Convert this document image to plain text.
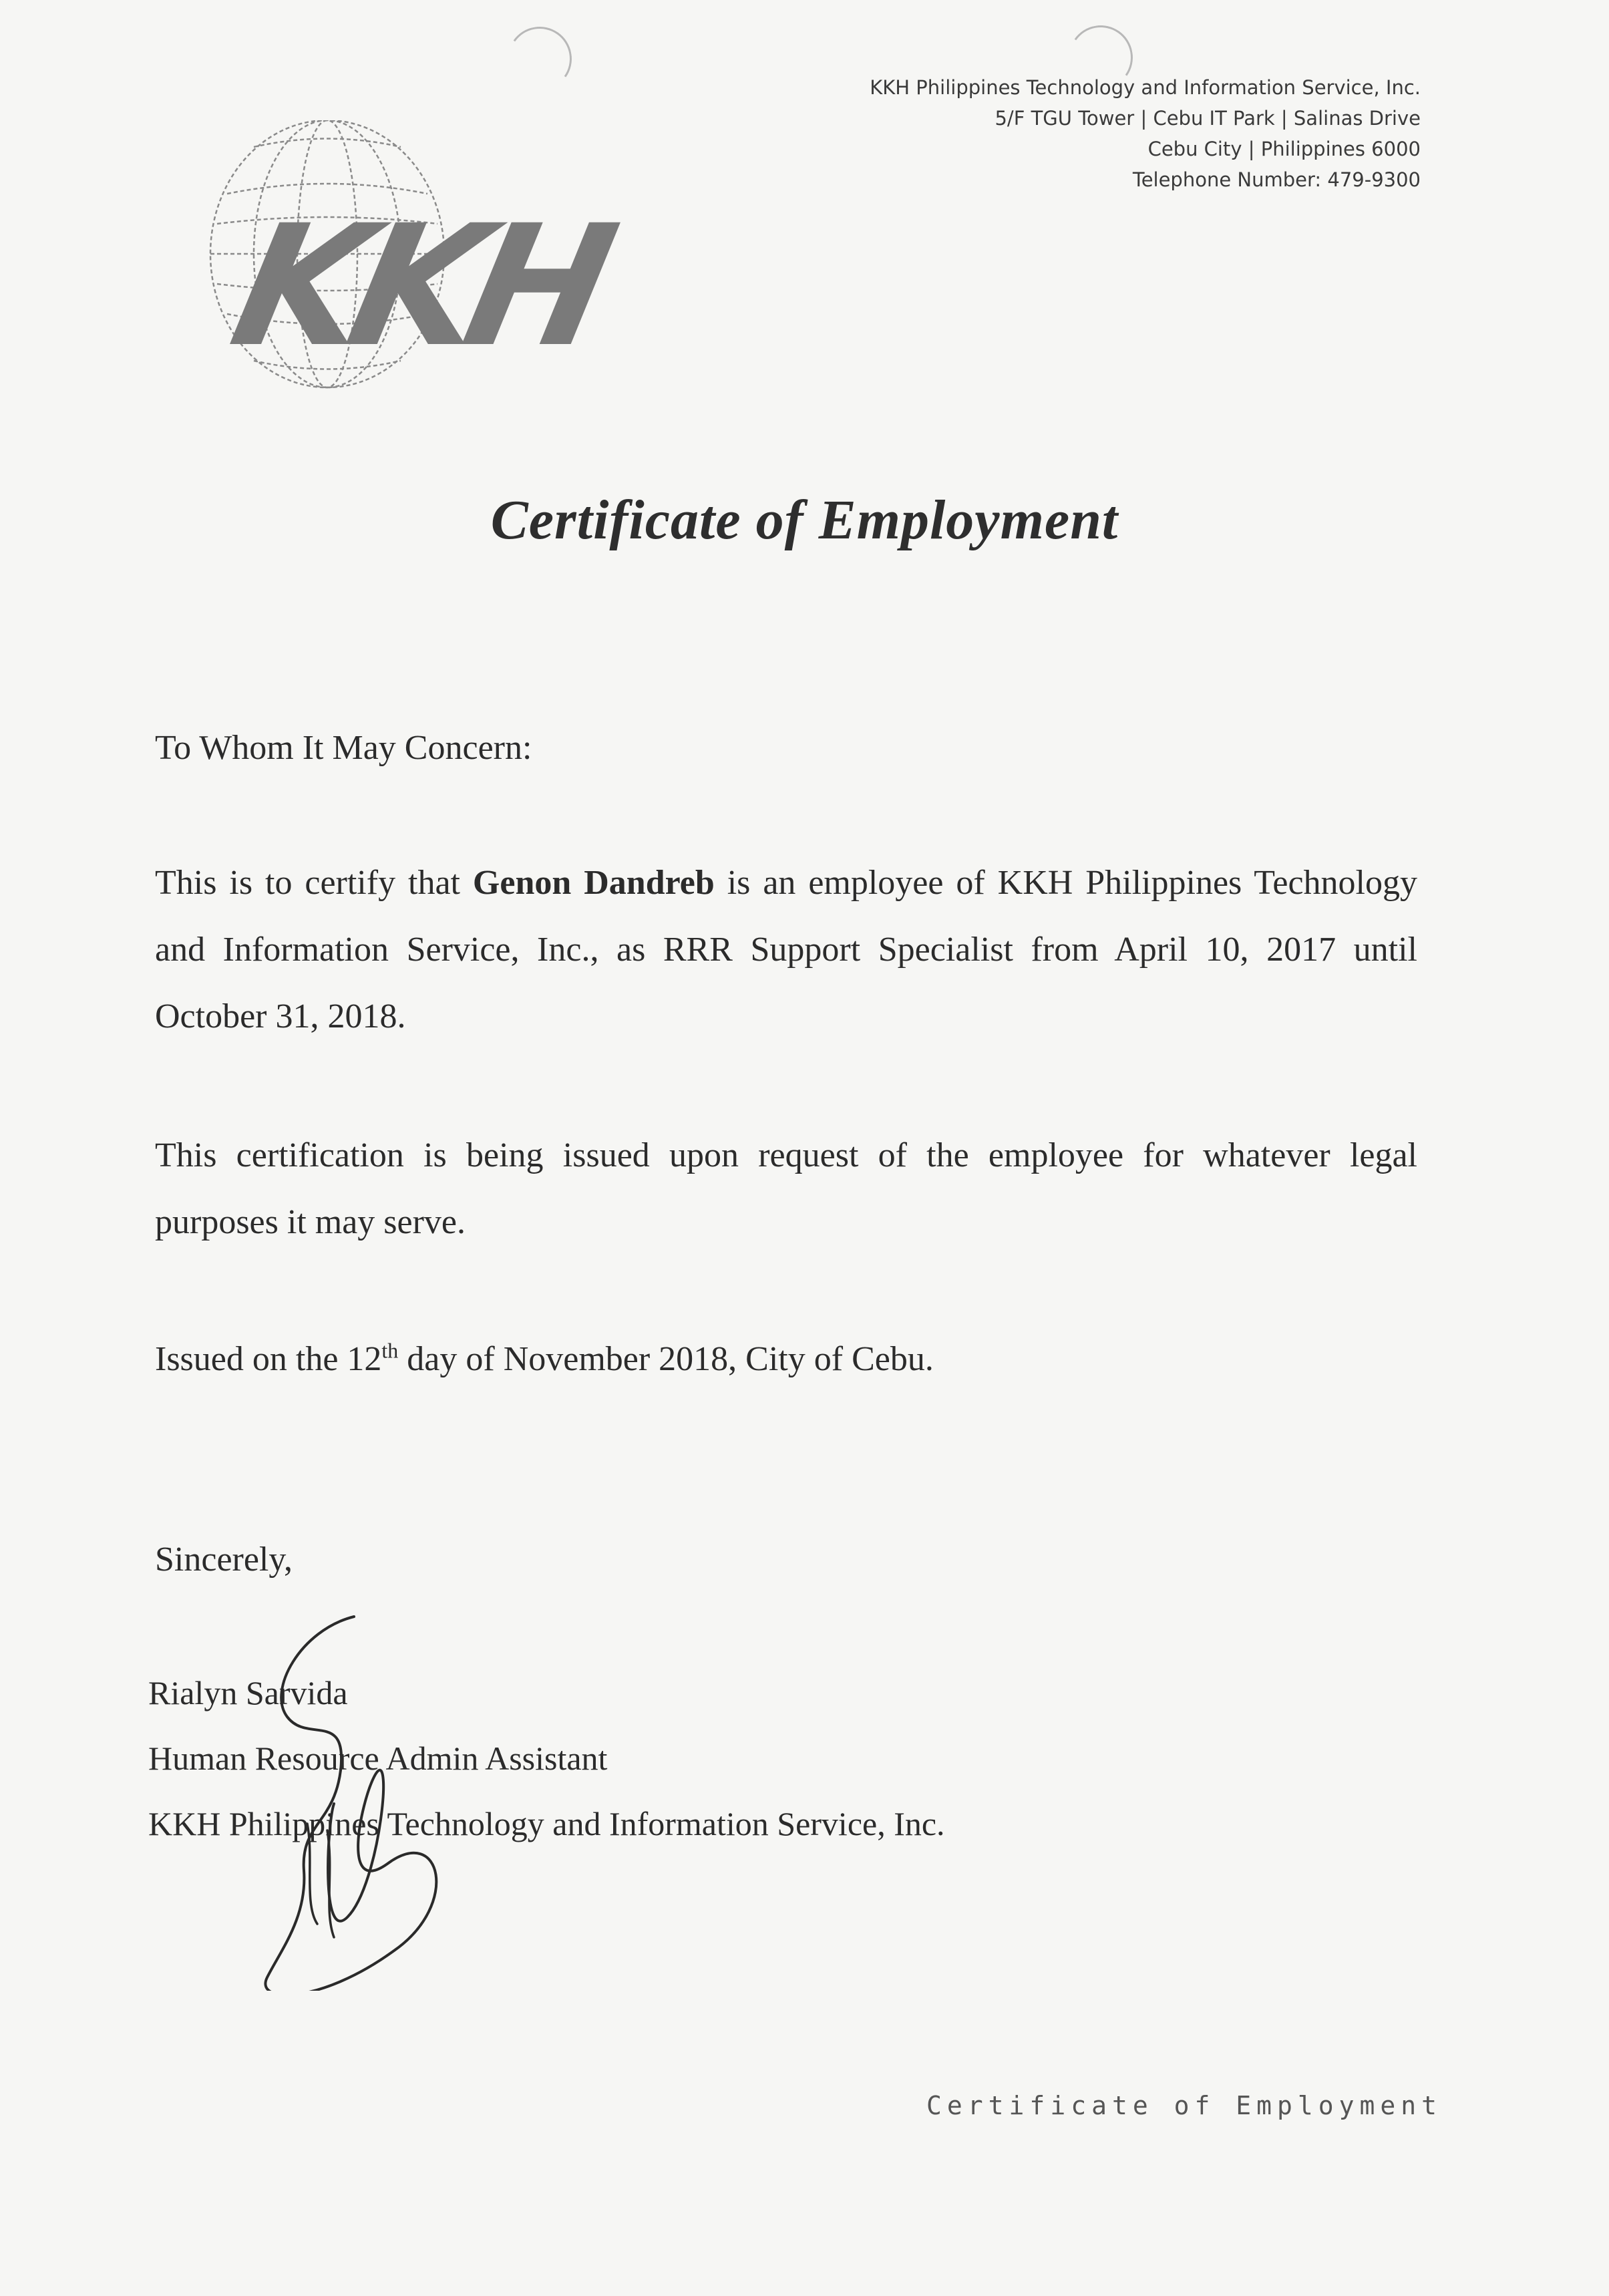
KKH Philippines Technology and Information Service, Inc.
5/F TGU Tower | Cebu IT Park | Salinas Drive
Cebu City | Philippines 6000
Telephone Number: 479-9300
KKH
Certificate of Employment
To Whom It May Concern:
This is to certify that Genon Dandreb is an employee of KKH Philippines Technology and Information Service, Inc., as RRR Support Specialist from April 10, 2017 until October 31, 2018.
This certification is being issued upon request of the employee for whatever legal purposes it may serve.
Issued on the 12th day of November 2018, City of Cebu.
Sincerely,
Rialyn Sarvida
Human Resource Admin Assistant
KKH Philippines Technology and Information Service, Inc.
Certificate of Employment
